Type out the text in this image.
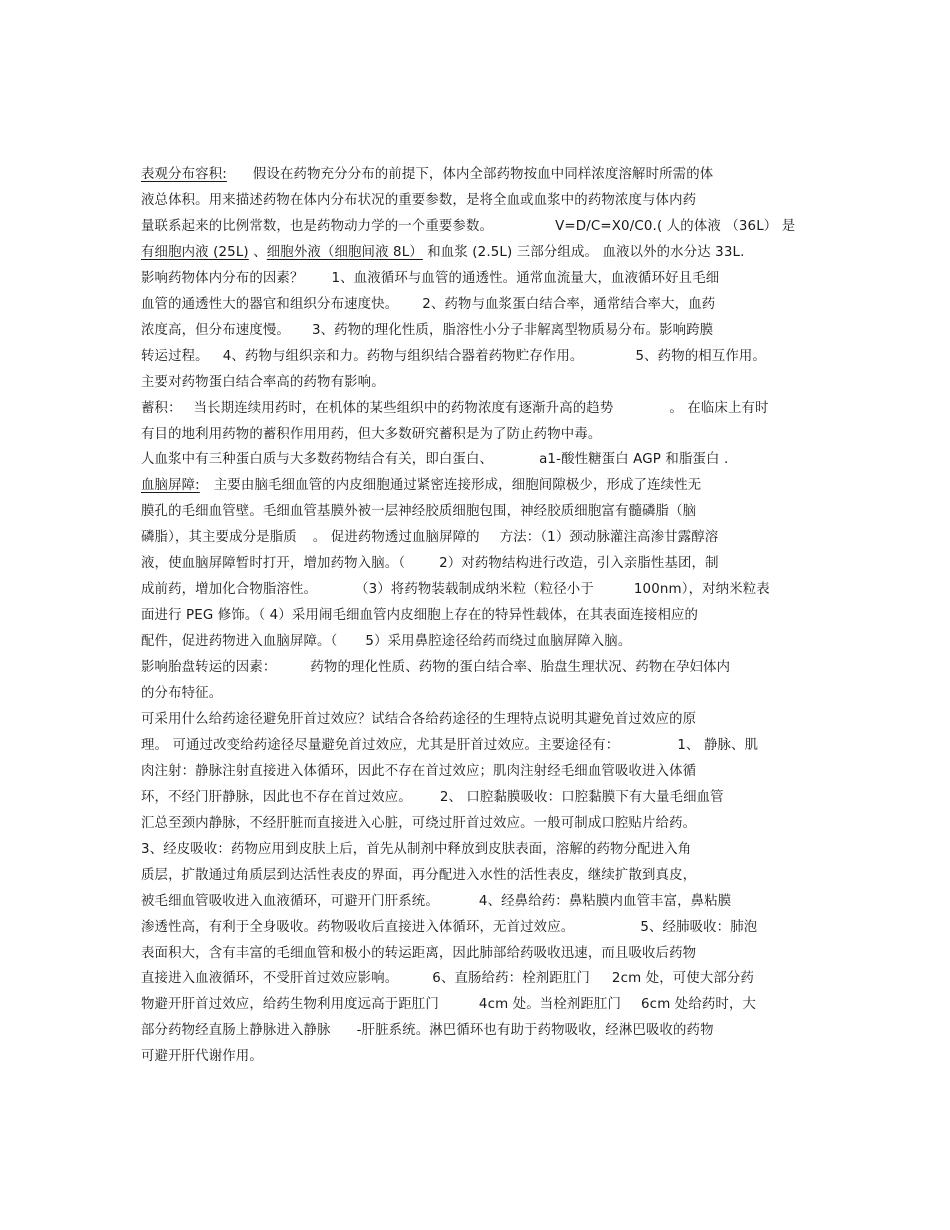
表观分布容积: 假设在药物充分分布的前提下，体内全部药物按血中同样浓度溶解时所需的体
液总体积。用来描述药物在体内分布状况的重要参数，是将全血或血浆中的药物浓度与体内药
量联系起来的比例常数，也是药物动力学的一个重要参数。	V=D/C=X0/C0.( 人的体液 （36L） 是
有细胞内液 (25L) 、细胞外液（细胞间液 8L） 和血浆 (2.5L) 三部分组成。 血液以外的水分达 33L.
影响药物体内分布的因素？ 1、血液循环与血管的通透性。通常血流量大，血液循环好且毛细
血管的通透性大的器官和组织分布速度快。 2、药物与血浆蛋白结合率，通常结合率大，血药
浓度高，但分布速度慢。 3、药物的理化性质，脂溶性小分子非解离型物质易分布。影响跨膜
转运过程。 4、药物与组织亲和力。药物与组织结合器着药物贮存作用。	5、药物的相互作用。
主要对药物蛋白结合率高的药物有影响。
蓄积： 当长期连续用药时，在机体的某些组织中的药物浓度有逐渐升高的趋势	。 在临床上有时
有目的地利用药物的蓄积作用用药，但大多数研究蓄积是为了防止药物中毒。
人血浆中有三种蛋白质与大多数药物结合有关，即白蛋白、	a1-酸性糖蛋白 AGP 和脂蛋白 .
血脑屏障: 主要由脑毛细血管的内皮细胞通过紧密连接形成，细胞间隙极少，形成了连续性无
膜孔的毛细血管壁。毛细血管基膜外被一层神经胶质细胞包围，神经胶质细胞富有髓磷脂（脑
磷脂），其主要成分是脂质 。 促进药物透过血脑屏障的 方法：（1）颈动脉灌注高渗甘露醇溶
液，使血脑屏障暂时打开，增加药物入脑。（	2）对药物结构进行改造，引入亲脂性基团，制
成前药，增加化合物脂溶性。	（3）将药物装载制成纳米粒（粒径小于	100nm），对纳米粒表
面进行 PEG 修饰。（ 4）采用闹毛细血管内皮细胞上存在的特异性载体，在其表面连接相应的
配件，促进药物进入血脑屏障。（ 5）采用鼻腔途径给药而绕过血脑屏障入脑。
影响胎盘转运的因素：	药物的理化性质、药物的蛋白结合率、胎盘生理状况、药物在孕妇体内
的分布特征。
可采用什么给药途径避免肝首过效应？试结合各给药途径的生理特点说明其避免首过效应的原
理。 可通过改变给药途径尽量避免首过效应，尤其是肝首过效应。主要途径有：	1、 静脉、肌
肉注射：静脉注射直接进入体循环，因此不存在首过效应；肌肉注射经毛细血管吸收进入体循
环，不经门肝静脉，因此也不存在首过效应。 2、 口腔黏膜吸收：口腔黏膜下有大量毛细血管
汇总至颈内静脉，不经肝脏而直接进入心脏，可绕过肝首过效应。一般可制成口腔贴片给药。
3、经皮吸收：药物应用到皮肤上后，首先从制剂中释放到皮肤表面，溶解的药物分配进入角
质层，扩散通过角质层到达活性表皮的界面，再分配进入水性的活性表皮，继续扩散到真皮，
被毛细血管吸收进入血液循环，可避开门肝系统。	4、经鼻给药：鼻粘膜内血管丰富，鼻粘膜
渗透性高，有利于全身吸收。药物吸收后直接进入体循环，无首过效应。	5、经肺吸收：肺泡
表面积大，含有丰富的毛细血管和极小的转运距离，因此肺部给药吸收迅速，而且吸收后药物
直接进入血液循环，不受肝首过效应影响。	6、直肠给药：栓剂距肛门 2cm 处，可使大部分药
物避开肝首过效应，给药生物利用度远高于距肛门	4cm 处。当栓剂距肛门 6cm 处给药时，大
部分药物经直肠上静脉进入静脉 -肝脏系统。淋巴循环也有助于药物吸收，经淋巴吸收的药物
可避开肝代谢作用。
